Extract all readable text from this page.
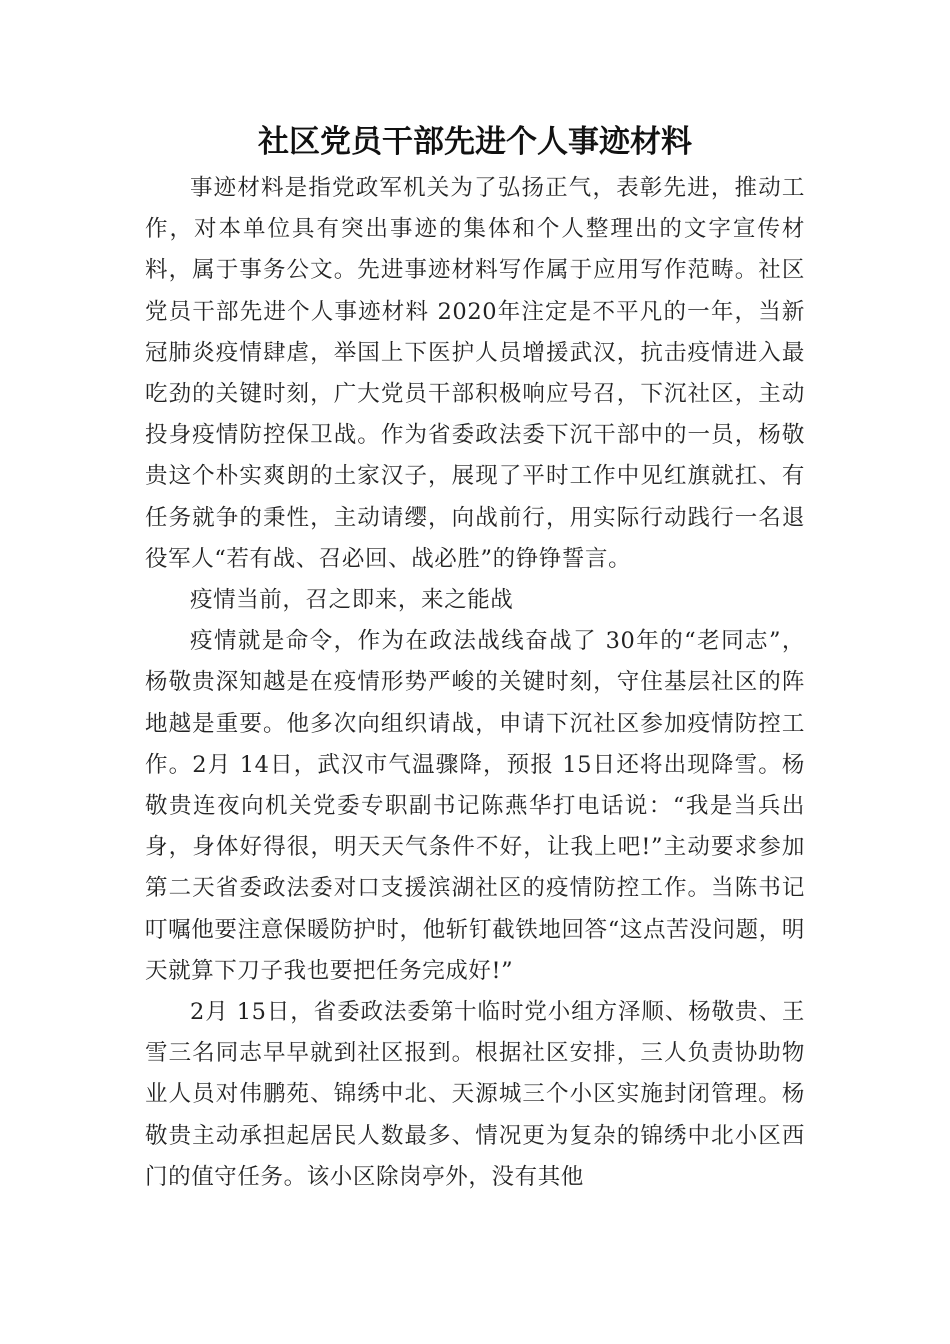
社区党员干部先进个人事迹材料

事迹材料是指党政军机关为了弘扬正气，表彰先进，推动工作，对本单位具有突出事迹的集体和个人整理出的文字宣传材料，属于事务公文。先进事迹材料写作属于应用写作范畴。社区党员干部先进个人事迹材料 2020年注定是不平凡的一年，当新冠肺炎疫情肆虐，举国上下医护人员增援武汉，抗击疫情进入最吃劲的关键时刻，广大党员干部积极响应号召，下沉社区，主动投身疫情防控保卫战。作为省委政法委下沉干部中的一员，杨敬贵这个朴实爽朗的土家汉子，展现了平时工作中见红旗就扛、有任务就争的秉性，主动请缨，向战前行，用实际行动践行一名退役军人“若有战、召必回、战必胜”的铮铮誓言。

疫情当前，召之即来，来之能战

疫情就是命令，作为在政法战线奋战了 30年的“老同志”，杨敬贵深知越是在疫情形势严峻的关键时刻，守住基层社区的阵地越是重要。他多次向组织请战，申请下沉社区参加疫情防控工作。2月 14日，武汉市气温骤降，预报 15日还将出现降雪。杨敬贵连夜向机关党委专职副书记陈燕华打电话说：“我是当兵出身，身体好得很，明天天气条件不好，让我上吧!”主动要求参加第二天省委政法委对口支援滨湖社区的疫情防控工作。当陈书记叮嘱他要注意保暖防护时，他斩钉截铁地回答“这点苦没问题，明天就算下刀子我也要把任务完成好!”

2月 15日，省委政法委第十临时党小组方泽顺、杨敬贵、王雪三名同志早早就到社区报到。根据社区安排，三人负责协助物业人员对伟鹏苑、锦绣中北、天源城三个小区实施封闭管理。杨敬贵主动承担起居民人数最多、情况更为复杂的锦绣中北小区西门的值守任务。该小区除岗亭外，没有其他
